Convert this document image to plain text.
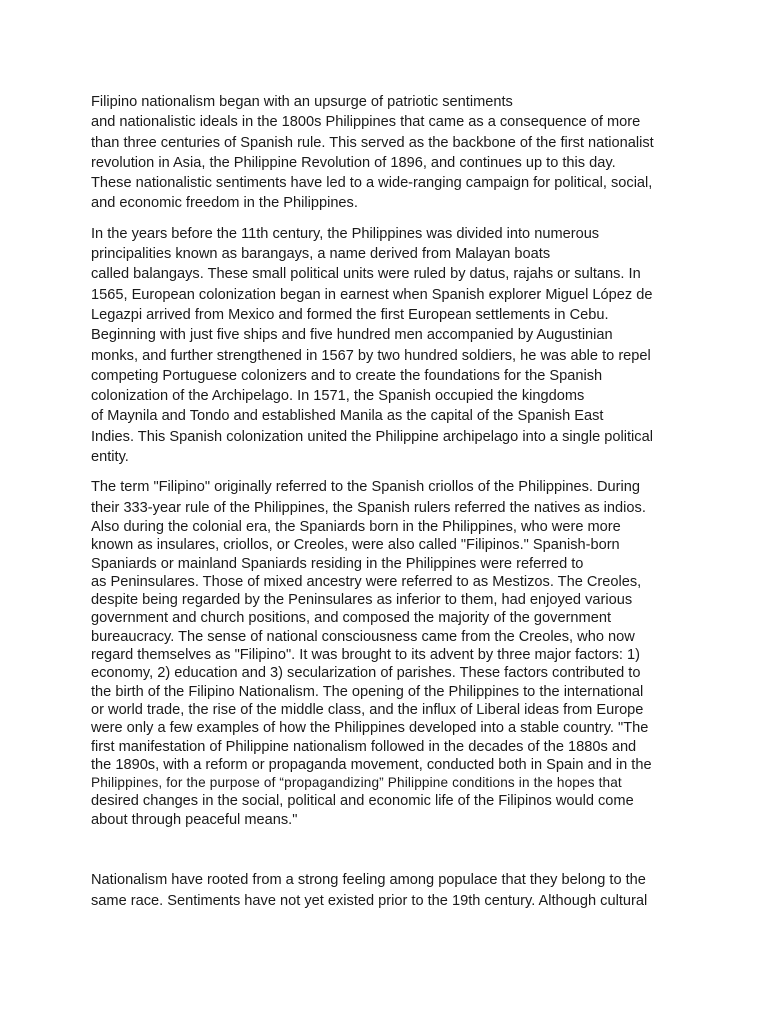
Filipino nationalism began with an upsurge of patriotic sentiments
and nationalistic ideals in the 1800s Philippines that came as a consequence of more
than three centuries of Spanish rule. This served as the backbone of the first nationalist
revolution in Asia, the Philippine Revolution of 1896, and continues up to this day.
These nationalistic sentiments have led to a wide-ranging campaign for political, social,
and economic freedom in the Philippines.
In the years before the 11th century, the Philippines was divided into numerous
principalities known as barangays, a name derived from Malayan boats
called balangays. These small political units were ruled by datus, rajahs or sultans. In
1565, European colonization began in earnest when Spanish explorer Miguel López de
Legazpi arrived from Mexico and formed the first European settlements in Cebu.
Beginning with just five ships and five hundred men accompanied by Augustinian
monks, and further strengthened in 1567 by two hundred soldiers, he was able to repel
competing Portuguese colonizers and to create the foundations for the Spanish
colonization of the Archipelago. In 1571, the Spanish occupied the kingdoms
of Maynila and Tondo and established Manila as the capital of the Spanish East
Indies. This Spanish colonization united the Philippine archipelago into a single political
entity.
The term "Filipino" originally referred to the Spanish criollos of the Philippines. During
their 333-year rule of the Philippines, the Spanish rulers referred the natives as indios.
Also during the colonial era, the Spaniards born in the Philippines, who were more
known as insulares, criollos, or Creoles, were also called "Filipinos." Spanish-born
Spaniards or mainland Spaniards residing in the Philippines were referred to
as Peninsulares. Those of mixed ancestry were referred to as Mestizos. The Creoles,
despite being regarded by the Peninsulares as inferior to them, had enjoyed various
government and church positions, and composed the majority of the government
bureaucracy. The sense of national consciousness came from the Creoles, who now
regard themselves as "Filipino". It was brought to its advent by three major factors: 1)
economy, 2) education and 3) secularization of parishes. These factors contributed to
the birth of the Filipino Nationalism. The opening of the Philippines to the international
or world trade, the rise of the middle class, and the influx of Liberal ideas from Europe
were only a few examples of how the Philippines developed into a stable country. "The
first manifestation of Philippine nationalism followed in the decades of the 1880s and
the 1890s, with a reform or propaganda movement, conducted both in Spain and in the
Philippines, for the purpose of “propagandizing” Philippine conditions in the hopes that
desired changes in the social, political and economic life of the Filipinos would come
about through peaceful means."
Nationalism have rooted from a strong feeling among populace that they belong to the
same race. Sentiments have not yet existed prior to the 19th century. Although cultural
